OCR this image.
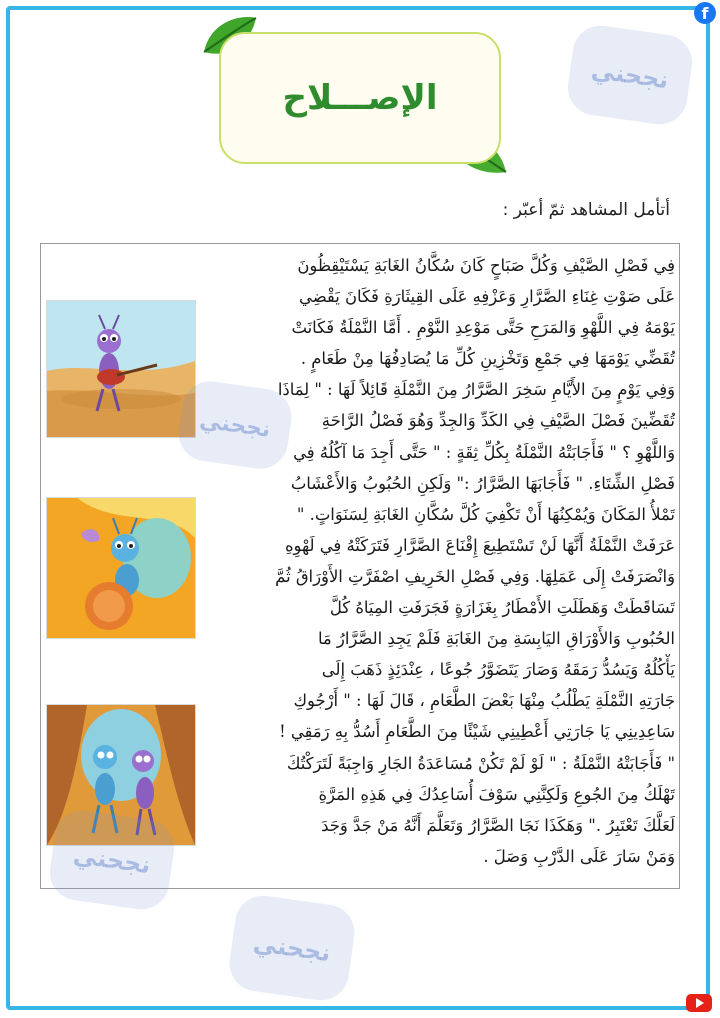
f
الإصـــلاح
أتأمل المشاهد ثمّ أعبّر :
فِي فَصْلِ الصَّيْفِ وَكُلَّ صَبَاحٍ كَانَ سُكَّانُ الغَابَةِ يَسْتَيْقِظُونَ
عَلَى صَوْتِ غِنَاءِ الصَّرَّارِ وَعَزْفِهِ عَلَى القِيثَارَةِ فَكَانَ يَقْضِي
يَوْمَهُ فِي اللَّهْوِ وَالمَرَحِ حَتَّى مَوْعِدِ النَّوْمِ . أَمَّا النَّمْلَةُ فَكَانَتْ
تُقَضِّي يَوْمَهَا فِي جَمْعِ وَتَخْزِينِ كُلِّ مَا يُصَادِفُهَا مِنْ طَعَامٍ .
وَفِي يَوْمٍ مِنَ الأَيَّامِ سَخِرَ الصَّرَّارُ مِنَ النَّمْلَةِ قَائِلاً لَهَا : " لِمَاذَا
تُقَضِّينَ فَصْلَ الصَّيْفِ فِي الكَدِّ وَالجِدِّ وَهُوَ فَصْلُ الرَّاحَةِ
وَاللَّهْوِ ؟ " فَأَجَابَتْهُ النَّمْلَةُ بِكُلِّ ثِقَةٍ : " حَتَّى أَجِدَ مَا آكُلُهُ فِي
فَصْلِ الشِّتَاءِ. " فَأَجَابَهَا الصَّرَّارُ :" وَلَكِنِ الحُبُوبُ وَالأَعْشَابُ
تَمْلأُ المَكَانَ وَيُمْكِنُهَا أَنْ تَكْفِيَ كُلَّ سُكَّانِ الغَابَةِ لِسَنَوَاتٍ. "
عَرَفَتْ النَّمْلَةُ أَنَّهَا لَنْ تَسْتَطِيعَ إِقْنَاعَ الصَّرَّارِ فَتَرَكَتْهُ فِي لَهْوِهِ
وَانْصَرَفَتْ إِلَى عَمَلِهَا. وَفِي فَصْلِ الخَرِيفِ اصْفَرَّتِ الأَوْرَاقُ ثُمَّ
تَسَاقَطَتْ وَهَطَلَتِ الأَمْطَارُ بِغَزَارَةٍ فَجَرَفَتِ المِيَاهُ كُلَّ
الحُبُوبِ وَالأَوْرَاقِ اليَابِسَةِ مِنَ الغَابَةِ فَلَمْ يَجِدِ الصَّرَّارُ مَا
يَأْكُلُهُ وَيَسُدُّ رَمَقَهُ وَصَارَ يَتَضَوَّرُ جُوعًا ، عِنْدَئِذٍ ذَهَبَ إِلَى
جَارَتِهِ النَّمْلَةِ يَطْلُبُ مِنْهَا بَعْضَ الطَّعَامِ ، قَالَ لَهَا : " أَرْجُوكِ
سَاعِدِينِي يَا جَارَتِي أَعْطِينِي شَيْئًا مِنَ الطَّعَامِ أَسُدُّ بِهِ رَمَقِي !
" فَأَجَابَتْهُ النَّمْلَةُ : " لَوْ لَمْ تَكُنْ مُسَاعَدَةُ الجَارِ وَاجِبَةً لَتَرَكْتُكَ
تَهْلَكُ مِنَ الجُوعِ وَلَكِنَّنِي سَوْفَ أُسَاعِدُكَ فِي هَذِهِ المَرَّةِ
لَعَلَّكَ تَعْتَبِرُ ." وَهَكَذَا نَجَا الصَّرَّارُ وَتَعَلَّمَ أَنَّهُ مَنْ جَدَّ وَجَدَ
وَمَنْ سَارَ عَلَى الدَّرْبِ وَصَلَ .
نجحني
نجحني
نجحني
نجحني
